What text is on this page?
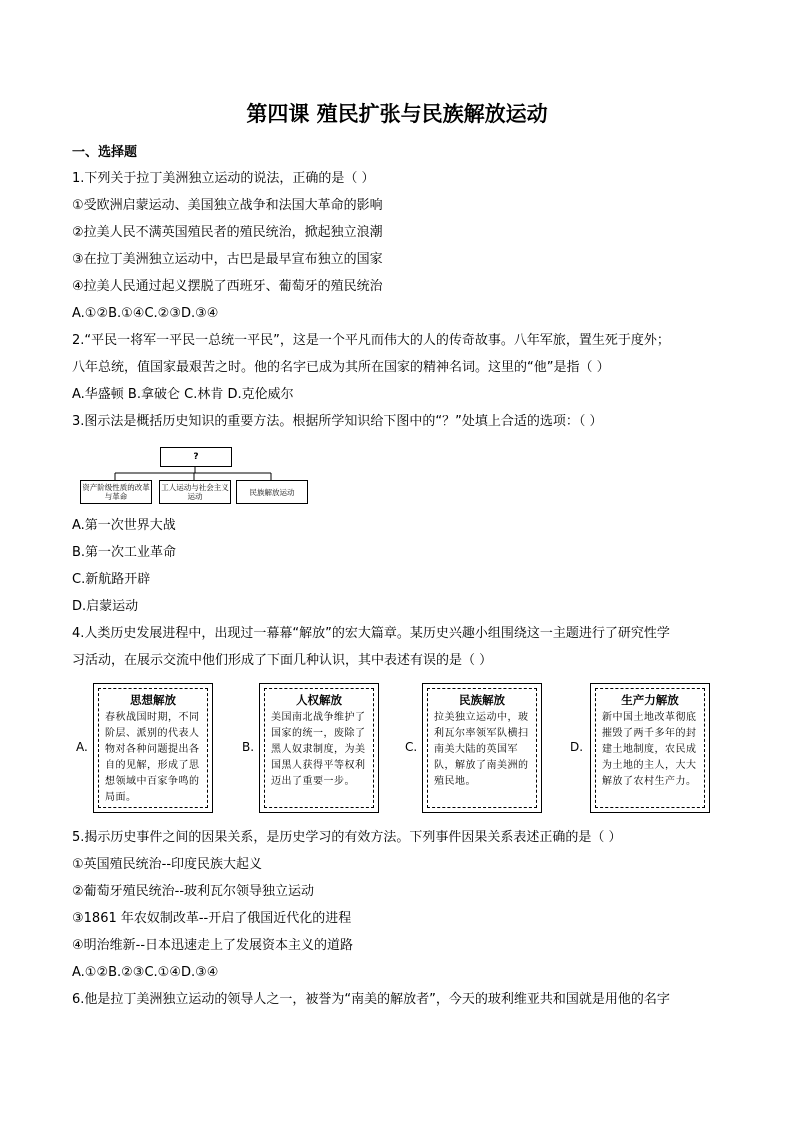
第四课 殖民扩张与民族解放运动
一、选择题
1.下列关于拉丁美洲独立运动的说法，正确的是（ ）
①受欧洲启蒙运动、美国独立战争和法国大革命的影响
②拉美人民不满英国殖民者的殖民统治，掀起独立浪潮
③在拉丁美洲独立运动中，古巴是最早宣布独立的国家
④拉美人民通过起义摆脱了西班牙、葡萄牙的殖民统治
A.①②B.①④C.②③D.③④
2.“平民一将军一平民一总统一平民”，这是一个平凡而伟大的人的传奇故事。八年军旅，置生死于度外；
八年总统，值国家最艰苦之时。他的名字已成为其所在国家的精神名词。这里的“他”是指（ ）
A.华盛顿 B.拿破仑 C.林肯 D.克伦威尔
3.图示法是概括历史知识的重要方法。根据所学知识给下图中的“？”处填上合适的选项：（ ）
?
资产阶级性质的改革与革命
工人运动与社会主义运动	民族解放运动
A.第一次世界大战
B.第一次工业革命
C.新航路开辟
D.启蒙运动
4.人类历史发展进程中，出现过一幕幕“解放”的宏大篇章。某历史兴趣小组围绕这一主题进行了研究性学
习活动，在展示交流中他们形成了下面几种认识，其中表述有误的是（ ）
A.
思想解放
春秋战国时期，不同阶层、派别的代表人物对各种问题提出各自的见解，形成了思想领域中百家争鸣的局面。
B.
人权解放
美国南北战争维护了国家的统一，废除了黑人奴隶制度，为美国黑人获得平等权利迈出了重要一步。
C.
民族解放
拉美独立运动中，玻利瓦尔率领军队横扫南美大陆的英国军队，解放了南美洲的殖民地。
D.
生产力解放
新中国土地改革彻底摧毁了两千多年的封建土地制度，农民成为土地的主人，大大解放了农村生产力。
5.揭示历史事件之间的因果关系，是历史学习的有效方法。下列事件因果关系表述正确的是（ ）
①英国殖民统治--印度民族大起义
②葡萄牙殖民统治--玻利瓦尔领导独立运动
③1861 年农奴制改革--开启了俄国近代化的进程
④明治维新--日本迅速走上了发展资本主义的道路
A.①②B.②③C.①④D.③④
6.他是拉丁美洲独立运动的领导人之一，被誉为“南美的解放者”，今天的玻利维亚共和国就是用他的名字
